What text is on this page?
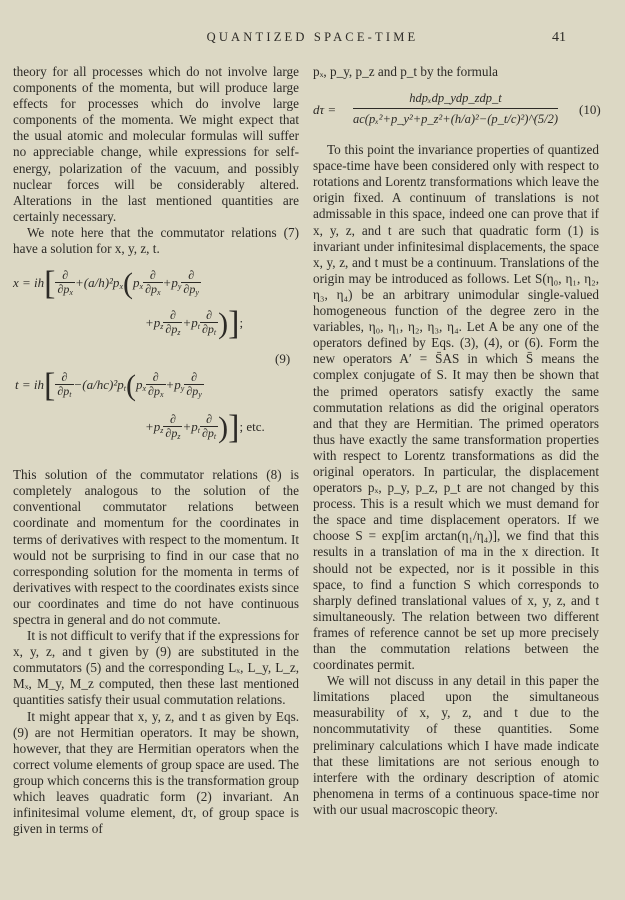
QUANTIZED SPACE-TIME	41

theory for all processes which do not involve large components of the momenta, but will produce large effects for processes which do involve large components of the momenta. We might expect that the usual atomic and molecular formulas will suffer no appreciable change, while expressions for self-energy, polarization of the vacuum, and possibly nuclear forces will be considerably altered. Alterations in the last mentioned quantities are certainly necessary.

We note here that the commutator relations (7) have a solution for x, y, z, t.

$x = ih[ \frac{\partial}{\partial p_x} +(a/h)^2p_x(p_x \frac{\partial}{\partial p_x} +p_y \frac{\partial}{\partial p_y}$
$+p_z \frac{\partial}{\partial p_z} +p_t \frac{\partial}{\partial p_t}$ )];
(9)
$t = ih[ \frac{\partial}{\partial p_t} -(a/hc)^2p_t(p_x \frac{\partial}{\partial p_x} +p_y \frac{\partial}{\partial p_y}$
$+p_z \frac{\partial}{\partial p_z} +p_t \frac{\partial}{\partial p_t}$ )]; etc.

This solution of the commutator relations (8) is completely analogous to the solution of the conventional commutator relations between coordinate and momentum for the coordinates in terms of derivatives with respect to the momentum. It would not be surprising to find in our case that no corresponding solution for the momenta in terms of derivatives with respect to the coordinates exists since our coordinates and time do not have continuous spectra in general and do not commute.

It is not difficult to verify that if the expressions for x, y, z, and t given by (9) are substituted in the commutators (5) and the corresponding Lₓ, L_y, L_z, Mₓ, M_y, M_z computed, then these last mentioned quantities satisfy their usual commutation relations.

It might appear that x, y, z, and t as given by Eqs. (9) are not Hermitian operators. It may be shown, however, that they are Hermitian operators when the correct volume elements of group space are used. The group which concerns this is the transformation group which leaves quadratic form (2) invariant. An infinitesimal volume element, dτ, of group space is given in terms of

pₓ, p_y, p_z and p_t by the formula

dτ =
hdpₓdp_ydp_zdp_t
ac(pₓ²+p_y²+p_z²+(h/a)²−(p_t/c)²)^(5/2)
(10)

To this point the invariance properties of quantized space-time have been considered only with respect to rotations and Lorentz transformations which leave the origin fixed. A continuum of translations is not admissable in this space, indeed one can prove that if x, y, z, and t are such that quadratic form (1) is invariant under infinitesimal displacements, the space x, y, z, and t must be a continuum. Translations of the origin may be introduced as follows. Let S(η₀, η₁, η₂, η₃, η₄) be an arbitrary unimodular single-valued homogeneous function of the degree zero in the variables, η₀, η₁, η₂, η₃, η₄. Let A be any one of the operators defined by Eqs. (3), (4), or (6). Form the new operators A′ = S̄AS in which S̄ means the complex conjugate of S. It may then be shown that the primed operators satisfy exactly the same commutation relations as did the original operators and that they are Hermitian. The primed operators thus have exactly the same transformation properties with respect to Lorentz transformations as did the original operators. In particular, the displacement operators pₓ, p_y, p_z, p_t are not changed by this process. This is a result which we must demand for the space and time displacement operators. If we choose S = exp[im arctan(η₁/η₄)], we find that this results in a translation of ma in the x direction. It should not be expected, nor is it possible in this space, to find a function S which corresponds to sharply defined translational values of x, y, z, and t simultaneously. The relation between two different frames of reference cannot be set up more precisely than the commutation relations between the coordinates permit.

We will not discuss in any detail in this paper the limitations placed upon the simultaneous measurability of x, y, z, and t due to the noncommutativity of these quantities. Some preliminary calculations which I have made indicate that these limitations are not serious enough to interfere with the ordinary description of atomic phenomena in terms of a continuous space-time nor with our usual macroscopic theory.
